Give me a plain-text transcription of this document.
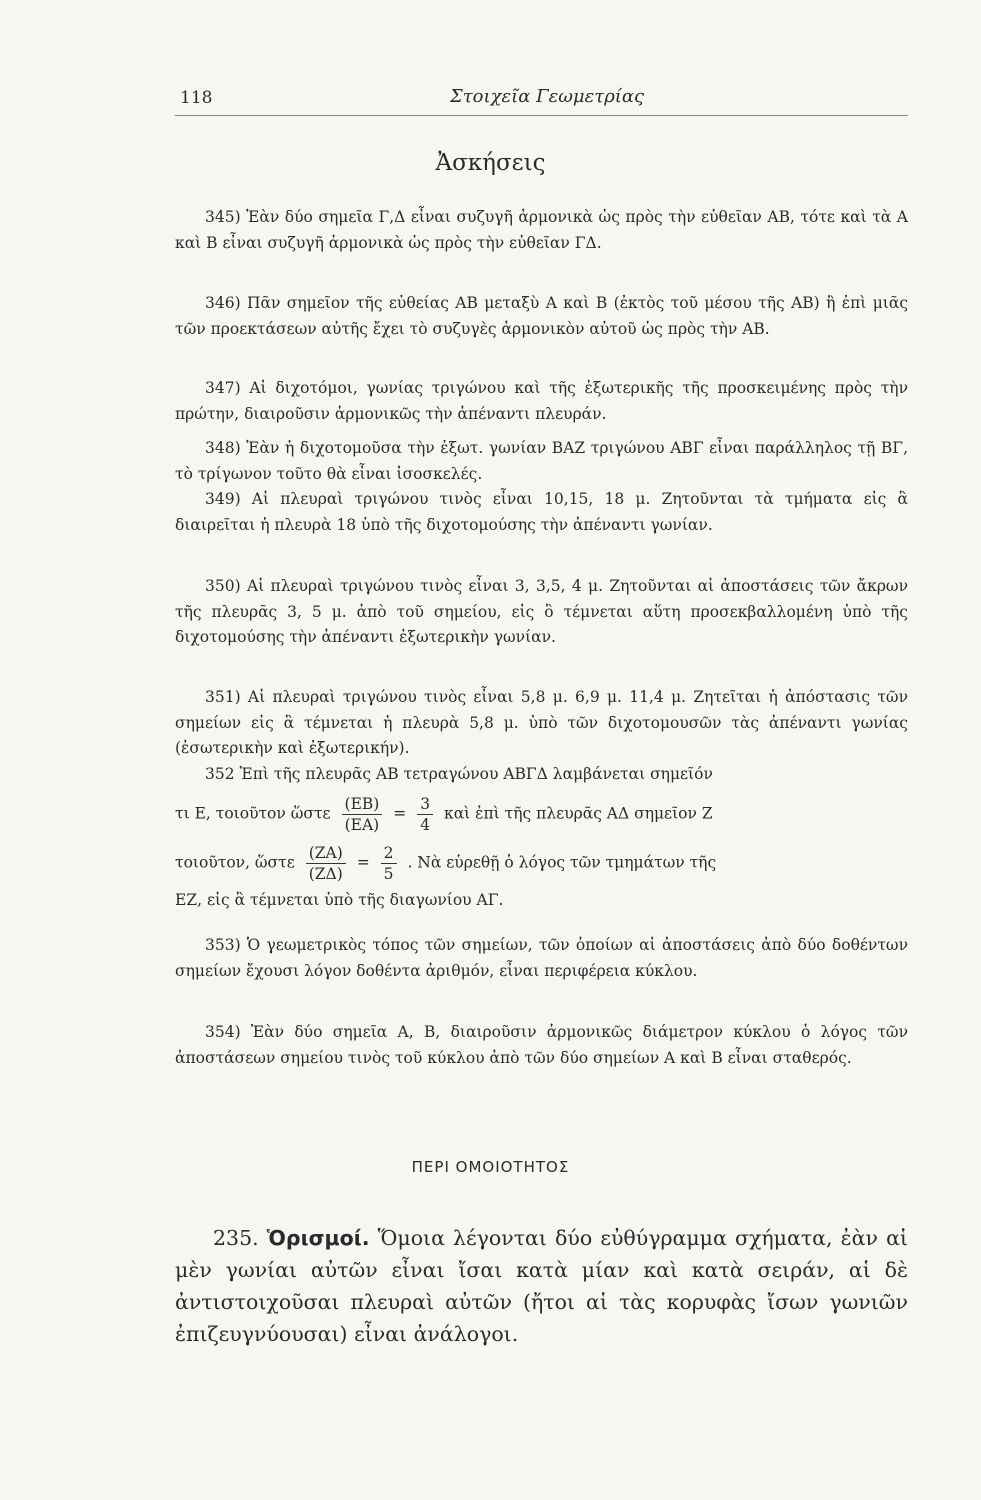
118	Στοιχεῖα Γεωμετρίας
Ἀσκήσεις

345) Ἐὰν δύο σημεῖα Γ,Δ εἶναι συζυγῆ ἁρμονικὰ ὡς πρὸς τὴν εὐθεῖαν ΑΒ, τότε καὶ τὰ Α καὶ Β εἶναι συζυγῆ ἁρμονικὰ ὡς πρὸς τὴν εὐθεῖαν ΓΔ.

346) Πᾶν σημεῖον τῆς εὐθείας ΑΒ μεταξὺ Α καὶ Β (ἐκτὸς τοῦ μέσου τῆς ΑΒ) ἢ ἐπὶ μιᾶς τῶν προεκτάσεων αὐτῆς ἔχει τὸ συζυγὲς ἁρμονικὸν αὐτοῦ ὡς πρὸς τὴν ΑΒ.

347) Αἱ διχοτόμοι, γωνίας τριγώνου καὶ τῆς ἐξωτερικῆς τῆς προσκειμένης πρὸς τὴν πρώτην, διαιροῦσιν ἁρμονικῶς τὴν ἀπέναντι πλευράν.

348) Ἐὰν ἡ διχοτομοῦσα τὴν ἐξωτ. γωνίαν ΒΑΖ τριγώνου ΑΒΓ εἶναι παράλληλος τῇ ΒΓ, τὸ τρίγωνον τοῦτο θὰ εἶναι ἰσοσκελές.

349) Αἱ πλευραὶ τριγώνου τινὸς εἶναι 10,15, 18 μ. Ζητοῦνται τὰ τμήματα εἰς ἃ διαιρεῖται ἡ πλευρὰ 18 ὑπὸ τῆς διχοτομούσης τὴν ἀπέναντι γωνίαν.

350) Αἱ πλευραὶ τριγώνου τινὸς εἶναι 3, 3,5, 4 μ. Ζητοῦνται αἱ ἀποστάσεις τῶν ἄκρων τῆς πλευρᾶς 3, 5 μ. ἀπὸ τοῦ σημείου, εἰς ὃ τέμνεται αὕτη προσεκβαλλομένη ὑπὸ τῆς διχοτομούσης τὴν ἀπέναντι ἐξωτερικὴν γωνίαν.

351) Αἱ πλευραὶ τριγώνου τινὸς εἶναι 5,8 μ. 6,9 μ. 11,4 μ. Ζητεῖται ἡ ἀπόστασις τῶν σημείων εἰς ἃ τέμνεται ἡ πλευρὰ 5,8 μ. ὑπὸ τῶν διχοτομουσῶν τὰς ἀπέναντι γωνίας (ἐσωτερικὴν καὶ ἐξωτερικήν).

352 Ἐπὶ τῆς πλευρᾶς ΑΒ τετραγώνου ΑΒΓΔ λαμβάνεται σημεῖόν
τι Ε, τοιοῦτον ὥστε $\frac{(EB)}{(EA)} = \frac{3}{4}$ καὶ ἐπὶ τῆς πλευρᾶς ΑΔ σημεῖον Ζ
τοιοῦτον, ὥστε $\frac{(ZA)}{(Z\Delta)} = \frac{2}{5}$ . Νὰ εὑρεθῇ ὁ λόγος τῶν τμημάτων τῆς
ΕΖ, εἰς ἃ τέμνεται ὑπὸ τῆς διαγωνίου ΑΓ.

353) Ὁ γεωμετρικὸς τόπος τῶν σημείων, τῶν ὁποίων αἱ ἀποστάσεις ἀπὸ δύο δοθέντων σημείων ἔχουσι λόγον δοθέντα ἀριθμόν, εἶναι περιφέρεια κύκλου.

354) Ἐὰν δύο σημεῖα Α, Β, διαιροῦσιν ἁρμονικῶς διάμετρον κύκλου ὁ λόγος τῶν ἀποστάσεων σημείου τινὸς τοῦ κύκλου ἀπὸ τῶν δύο σημείων Α καὶ Β εἶναι σταθερός.

ΠΕΡΙ ΟΜΟΙΟΤΗΤΟΣ

235. Ὁρισμοί. Ὅμοια λέγονται δύο εὐθύγραμμα σχήματα, ἐὰν αἱ μὲν γωνίαι αὐτῶν εἶναι ἴσαι κατὰ μίαν καὶ κατὰ σειράν, αἱ δὲ ἀντιστοιχοῦσαι πλευραὶ αὐτῶν (ἤτοι αἱ τὰς κορυφὰς ἴσων γωνιῶν ἐπιζευγνύουσαι) εἶναι ἀνάλογοι.
